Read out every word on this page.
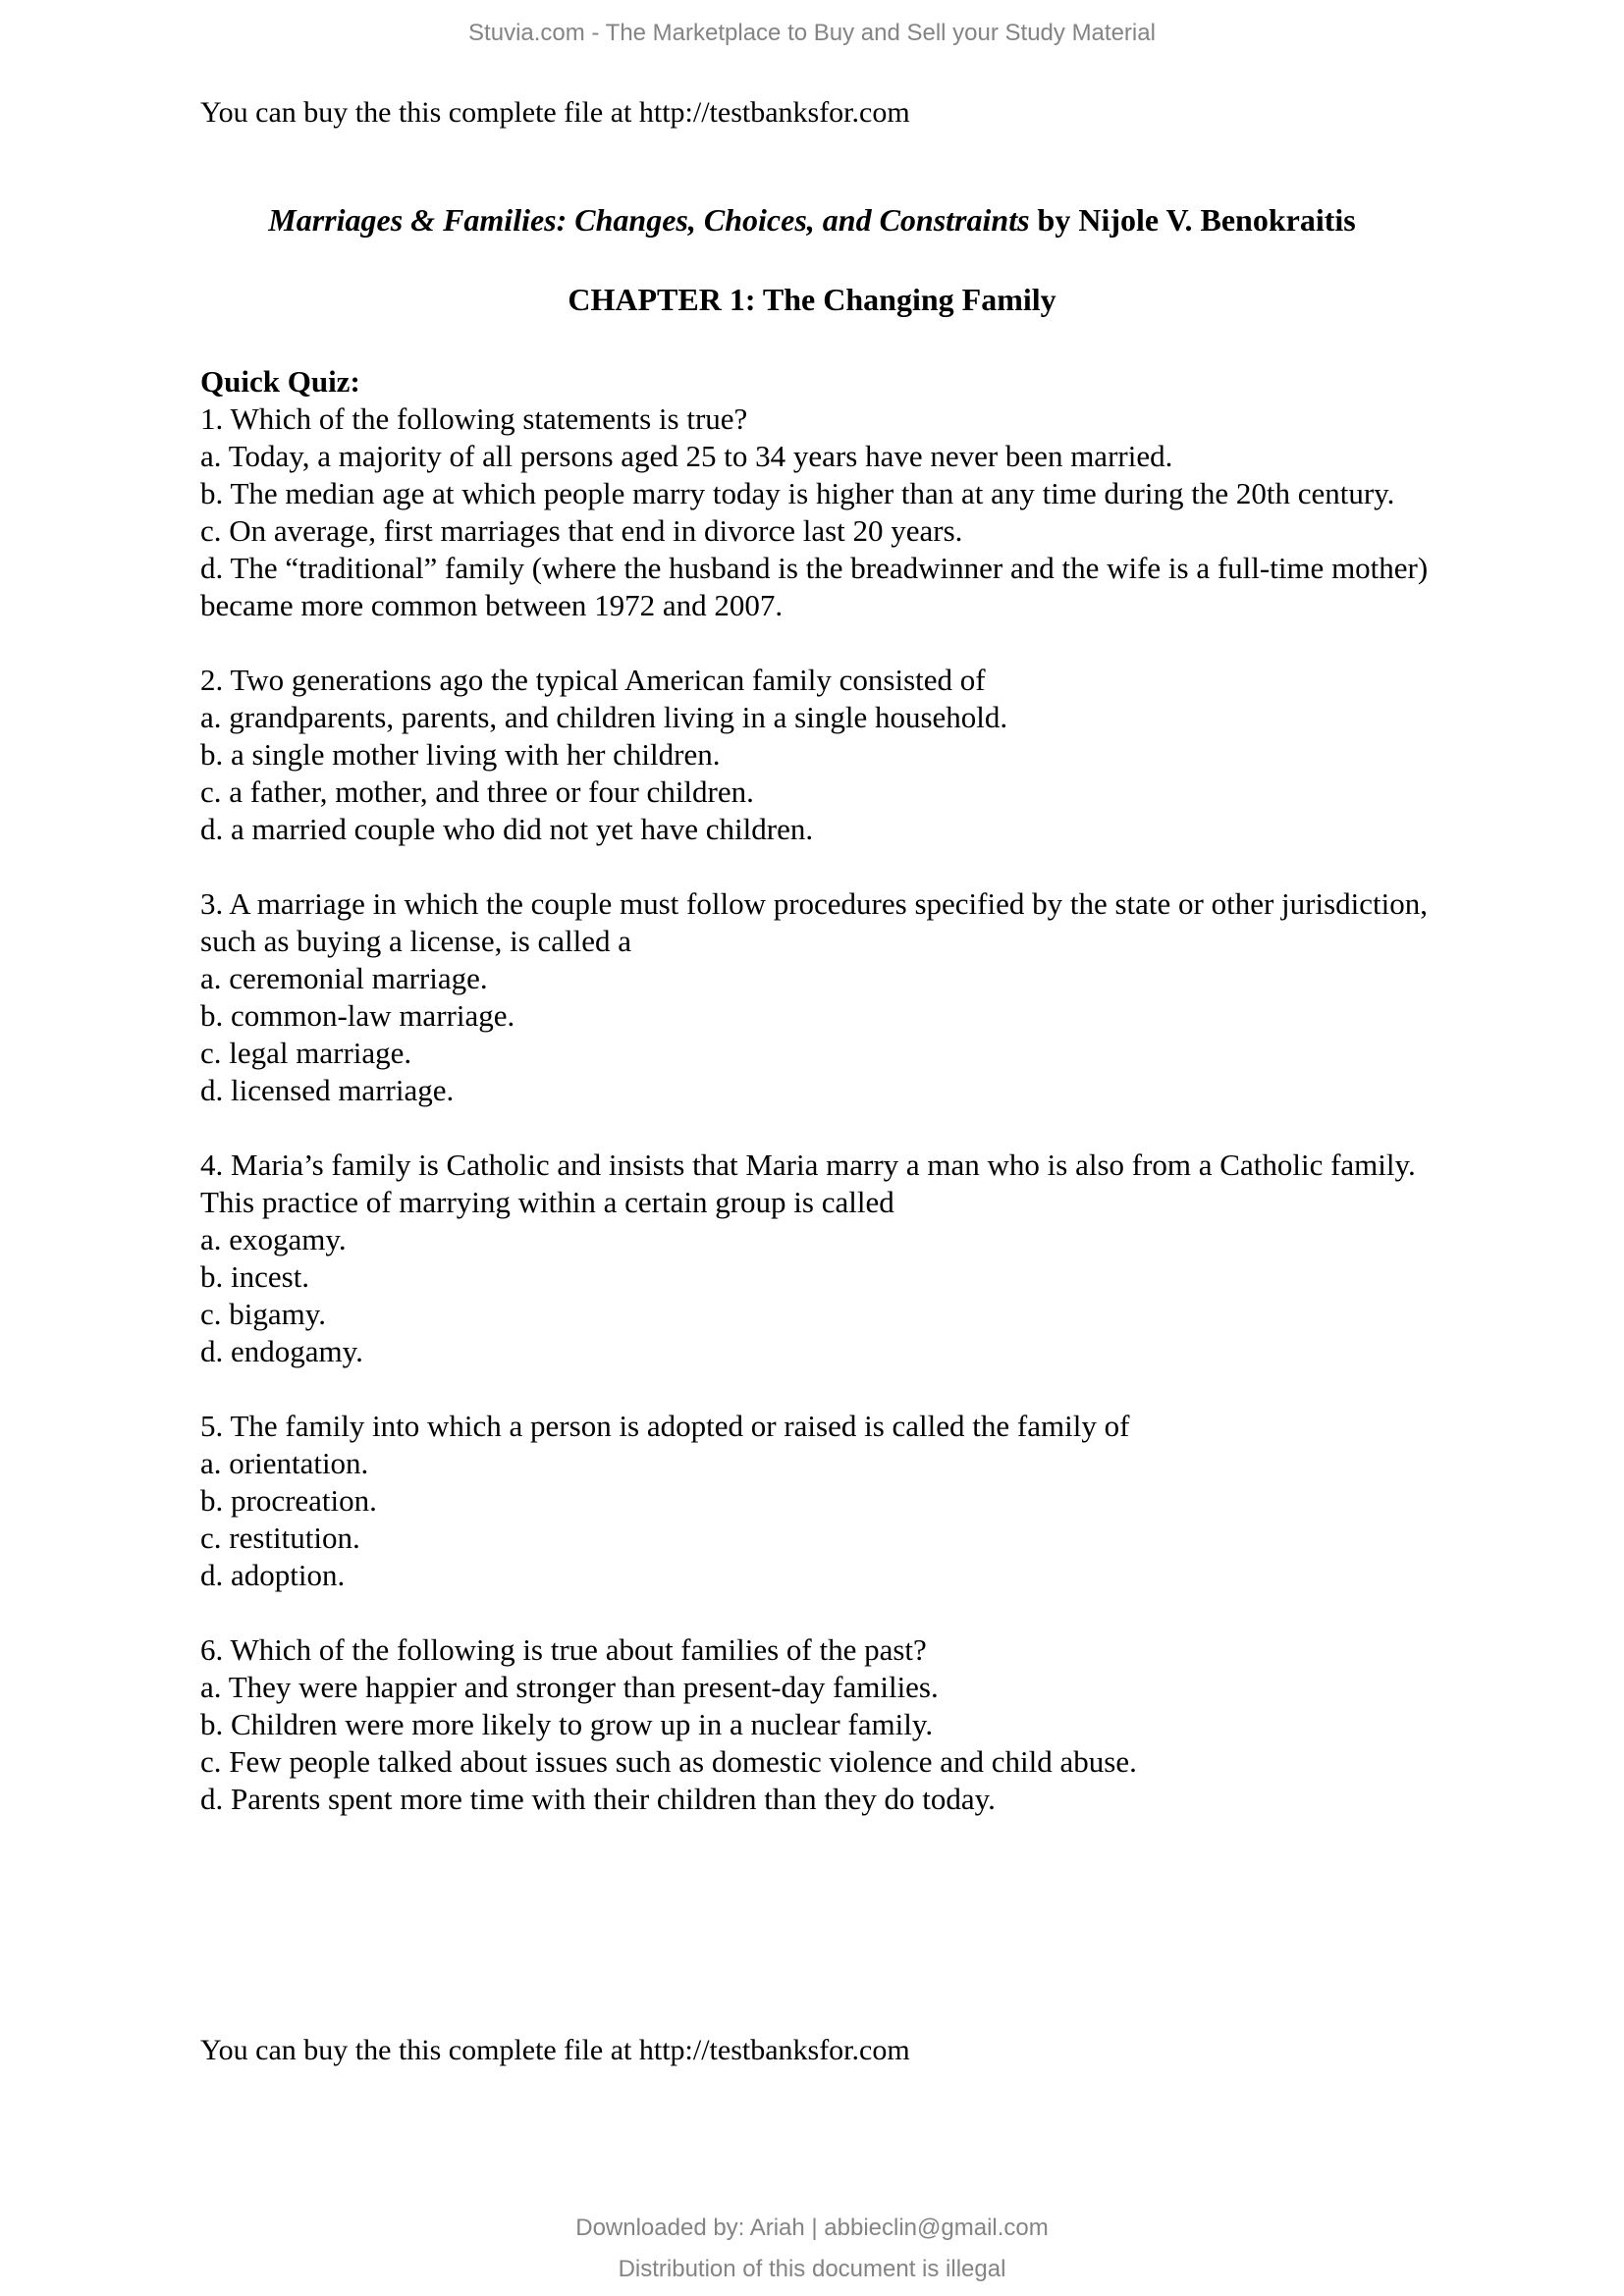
Stuvia.com - The Marketplace to Buy and Sell your Study Material
You can buy the this complete file at http://testbanksfor.com
Marriages & Families: Changes, Choices, and Constraints by Nijole V. Benokraitis
CHAPTER 1: The Changing Family
Quick Quiz:
1. Which of the following statements is true?
a. Today, a majority of all persons aged 25 to 34 years have never been married.
b. The median age at which people marry today is higher than at any time during the 20th century.
c. On average, first marriages that end in divorce last 20 years.
d. The “traditional” family (where the husband is the breadwinner and the wife is a full-time mother) became more common between 1972 and 2007.
2. Two generations ago the typical American family consisted of
a. grandparents, parents, and children living in a single household.
b. a single mother living with her children.
c. a father, mother, and three or four children.
d. a married couple who did not yet have children.
3. A marriage in which the couple must follow procedures specified by the state or other jurisdiction, such as buying a license, is called a
a. ceremonial marriage.
b. common-law marriage.
c. legal marriage.
d. licensed marriage.
4. Maria’s family is Catholic and insists that Maria marry a man who is also from a Catholic family. This practice of marrying within a certain group is called
a. exogamy.
b. incest.
c. bigamy.
d. endogamy.
5. The family into which a person is adopted or raised is called the family of
a. orientation.
b. procreation.
c. restitution.
d. adoption.
6. Which of the following is true about families of the past?
a. They were happier and stronger than present-day families.
b. Children were more likely to grow up in a nuclear family.
c. Few people talked about issues such as domestic violence and child abuse.
d. Parents spent more time with their children than they do today.
You can buy the this complete file at http://testbanksfor.com
Downloaded by: Ariah | abbieclin@gmail.com
Distribution of this document is illegal
